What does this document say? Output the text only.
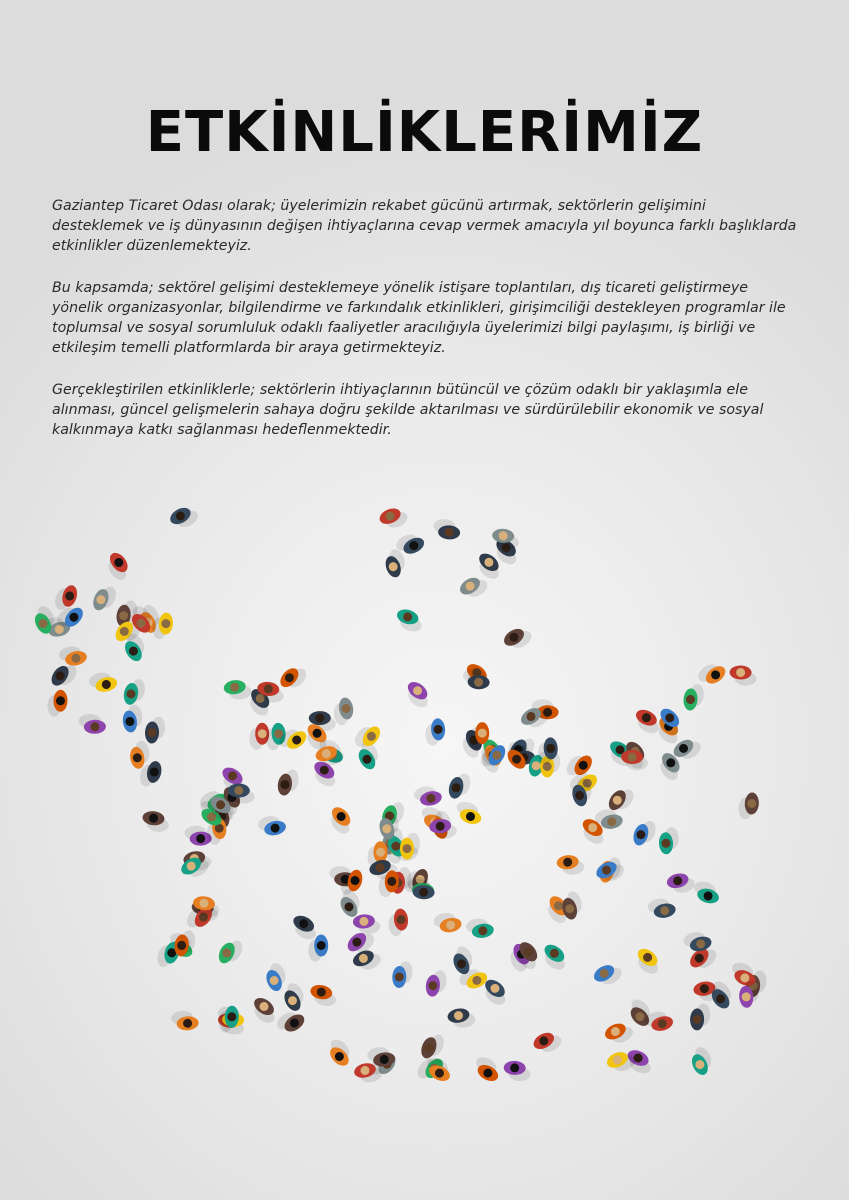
ETKİNLİKLERİMİZ

Gaziantep Ticaret Odası olarak; üyelerimizin rekabet gücünü artırmak, sektörlerin gelişimini desteklemek ve iş dünyasının değişen ihtiyaçlarına cevap vermek amacıyla yıl boyunca farklı başlıklarda etkinlikler düzenlemekteyiz.

Bu kapsamda; sektörel gelişimi desteklemeye yönelik istişare toplantıları, dış ticareti geliştirmeye yönelik organizasyonlar, bilgilendirme ve farkındalık etkinlikleri, girişimciliği destekleyen programlar ile toplumsal ve sosyal sorumluluk odaklı faaliyetler aracılığıyla üyelerimizi bilgi paylaşımı, iş birliği ve etkileşim temelli platformlarda bir araya getirmekteyiz.

Gerçekleştirilen etkinliklerle; sektörlerin ihtiyaçlarının bütüncül ve çözüm odaklı bir yaklaşımla ele alınması, güncel gelişmelerin sahaya doğru şekilde aktarılması ve sürdürülebilir ekonomik ve sosyal kalkınmaya katkı sağlanması hedeflenmektedir.
